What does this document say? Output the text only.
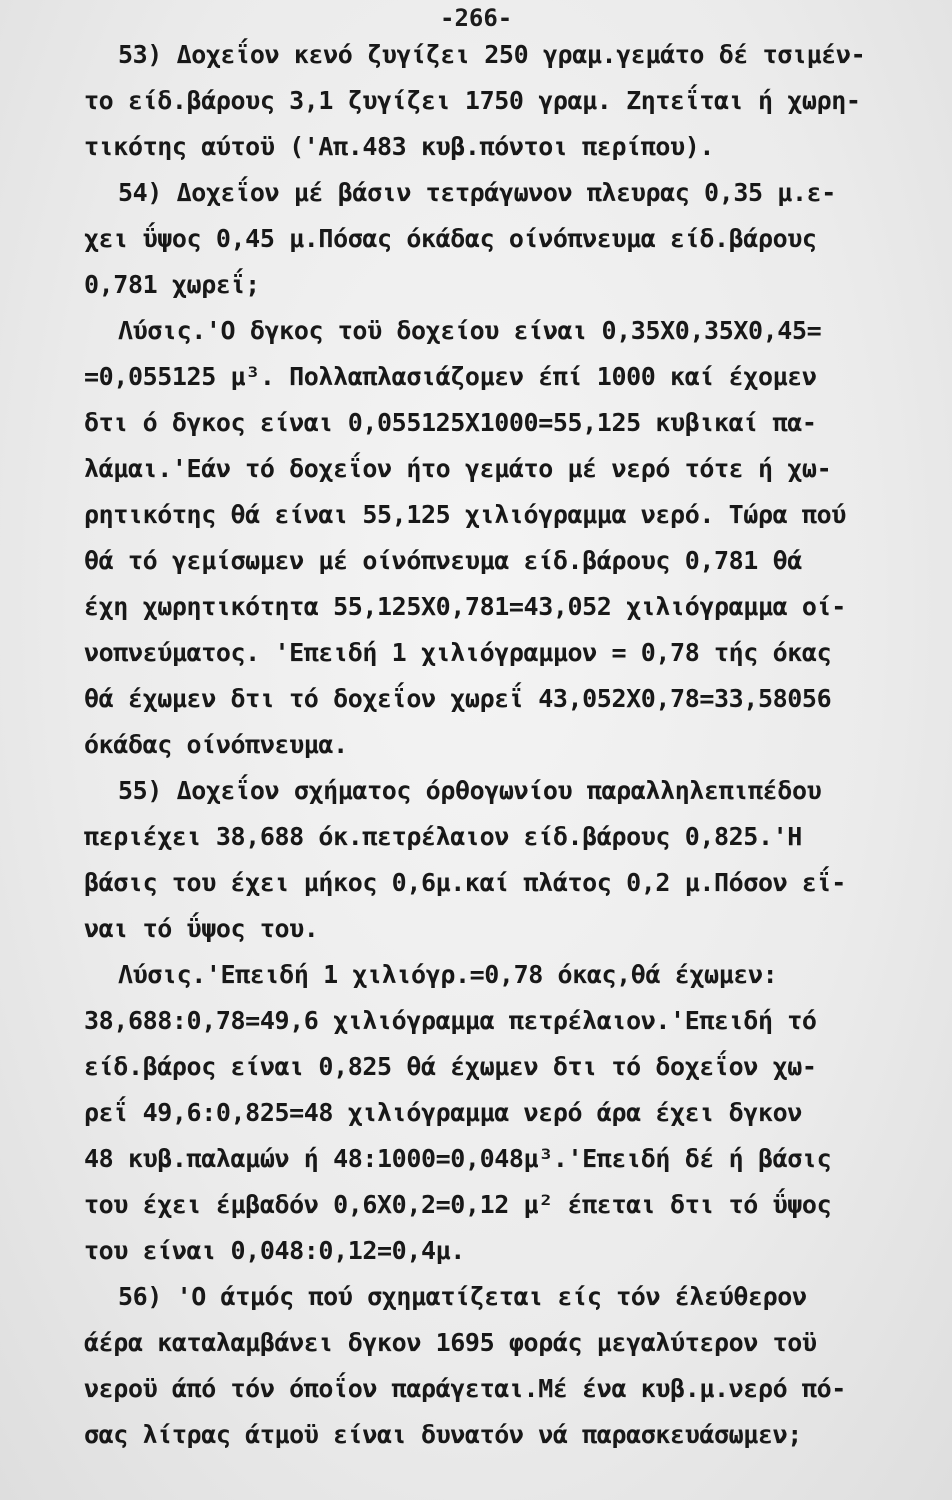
-266-
53) Δοχεΐον κενό ζυγίζει 250 γραμ.γεμάτο δέ τσιμέν-
το είδ.βάρους 3,1 ζυγίζει 1750 γραμ. Ζητεΐται ή χωρη-
τικότης αύτοϋ ('Απ.483 κυβ.πόντοι περίπου).
54) Δοχεΐον μέ βάσιν τετράγωνον πλευρας 0,35 μ.ε-
χει ΰψος 0,45 μ.Πόσας όκάδας οίνόπνευμα είδ.βάρους
0,781 χωρεΐ;
Λύσις.'Ο δγκος τοϋ δοχείου είναι 0,35Χ0,35Χ0,45=
=0,055125 μ³. Πολλαπλασιάζομεν έπί 1000 καί έχομεν
δτι ό δγκος είναι 0,055125Χ1000=55,125 κυβικαί πα-
λάμαι.'Εάν τό δοχεΐον ήτο γεμάτο μέ νερό τότε ή χω-
ρητικότης θά είναι 55,125 χιλιόγραμμα νερό. Τώρα πού
θά τό γεμίσωμεν μέ οίνόπνευμα είδ.βάρους 0,781 θά
έχη χωρητικότητα 55,125Χ0,781=43,052 χιλιόγραμμα οί-
νοπνεύματος. 'Επειδή 1 χιλιόγραμμον = 0,78 τής όκας
θά έχωμεν δτι τό δοχεΐον χωρεΐ 43,052Χ0,78=33,58056
όκάδας οίνόπνευμα.
55) Δοχεΐον σχήματος όρθογωνίου παραλληλεπιπέδου
περιέχει 38,688 όκ.πετρέλαιον είδ.βάρους 0,825.'Η
βάσις του έχει μήκος 0,6μ.καί πλάτος 0,2 μ.Πόσον εΐ-
ναι τό ΰψος του.
Λύσις.'Επειδή 1 χιλιόγρ.=0,78 όκας,θά έχωμεν:
38,688:0,78=49,6 χιλιόγραμμα πετρέλαιον.'Επειδή τό
είδ.βάρος είναι 0,825 θά έχωμεν δτι τό δοχεΐον χω-
ρεΐ 49,6:0,825=48 χιλιόγραμμα νερό άρα έχει δγκον
48 κυβ.παλαμών ή 48:1000=0,048μ³.'Επειδή δέ ή βάσις
του έχει έμβαδόν 0,6Χ0,2=0,12 μ² έπεται δτι τό ΰψος
του είναι 0,048:0,12=0,4μ.
56) 'Ο άτμός πού σχηματίζεται είς τόν έλεύθερον
άέρα καταλαμβάνει δγκον 1695 φοράς μεγαλύτερον τοϋ
νεροϋ άπό τόν όποΐον παράγεται.Μέ ένα κυβ.μ.νερό πό-
σας λίτρας άτμοϋ είναι δυνατόν νά παρασκευάσωμεν;
